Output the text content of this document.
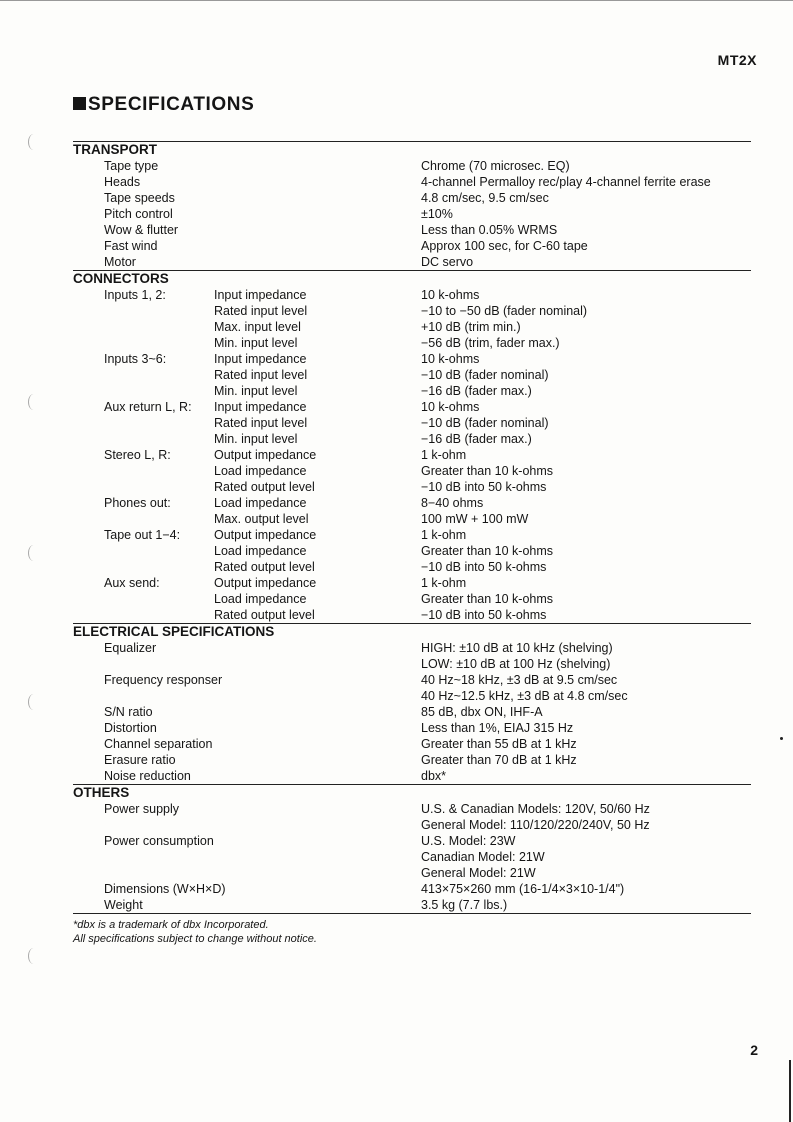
MT2X
SPECIFICATIONS
TRANSPORT
Tape type	Chrome (70 microsec. EQ)
Heads	4-channel Permalloy rec/play 4-channel ferrite erase
Tape speeds	4.8 cm/sec, 9.5 cm/sec
Pitch control	±10%
Wow & flutter	Less than 0.05% WRMS
Fast wind	Approx 100 sec, for C-60 tape
Motor	DC servo
CONNECTORS
Inputs 1, 2:	Input impedance	10 k-ohms
Rated input level	−10 to −50 dB (fader nominal)
Max. input level	+10 dB (trim min.)
Min. input level	−56 dB (trim, fader max.)
Inputs 3~6:	Input impedance	10 k-ohms
Rated input level	−10 dB (fader nominal)
Min. input level	−16 dB (fader max.)
Aux return L, R: Input impedance	10 k-ohms
Rated input level	−10 dB (fader nominal)
Min. input level	−16 dB (fader max.)
Stereo L, R:	Output impedance	1 k-ohm
Load impedance	Greater than 10 k-ohms
Rated output level	−10 dB into 50 k-ohms
Phones out:	Load impedance	8−40 ohms
Max. output level	100 mW + 100 mW
Tape out 1−4:	Output impedance	1 k-ohm
Load impedance	Greater than 10 k-ohms
Rated output level	−10 dB into 50 k-ohms
Aux send:	Output impedance	1 k-ohm
Load impedance	Greater than 10 k-ohms
Rated output level	−10 dB into 50 k-ohms
ELECTRICAL SPECIFICATIONS
Equalizer	HIGH: ±10 dB at 10 kHz (shelving)
LOW: ±10 dB at 100 Hz (shelving)
Frequency responser	40 Hz~18 kHz, ±3 dB at 9.5 cm/sec
40 Hz~12.5 kHz, ±3 dB at 4.8 cm/sec
S/N ratio	85 dB, dbx ON, IHF-A
Distortion	Less than 1%, EIAJ 315 Hz
Channel separation	Greater than 55 dB at 1 kHz
Erasure ratio	Greater than 70 dB at 1 kHz
Noise reduction	dbx*
OTHERS
Power supply	U.S. & Canadian Models: 120V, 50/60 Hz
General Model: 110/120/220/240V, 50 Hz
Power consumption	U.S. Model: 23W
Canadian Model: 21W
General Model: 21W
Dimensions (W×H×D)	413×75×260 mm (16-1/4×3×10-1/4")
Weight	3.5 kg (7.7 lbs.)
*dbx is a trademark of dbx Incorporated.
All specifications subject to change without notice.
2
